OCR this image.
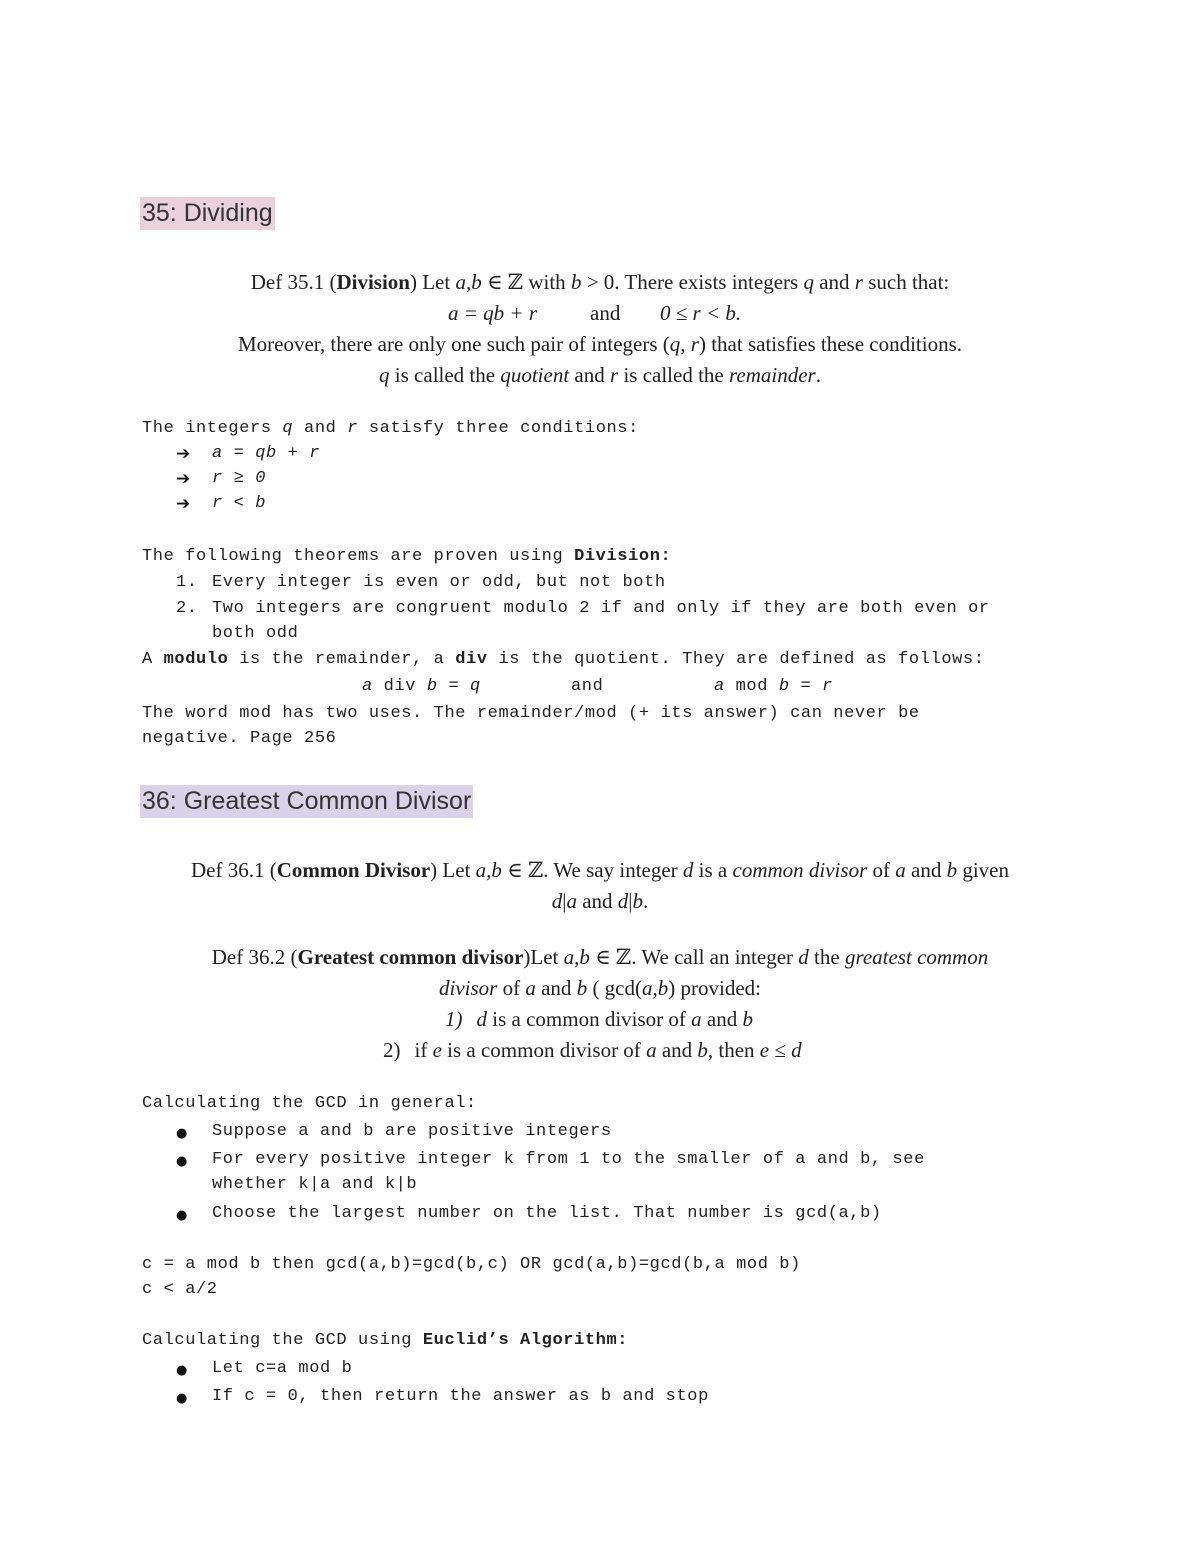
35: Dividing
Def 35.1 (Division) Let a,b ∈ ℤ with b > 0. There exists integers q and r such that:
a = qb + r	and 0 ≤ r < b.
Moreover, there are only one such pair of integers (q, r) that satisfies these conditions.
q is called the quotient and r is called the remainder.
The integers q and r satisfy three conditions:
➔ a = qb + r
➔ r ≥ 0
➔ r < b
The following theorems are proven using Division:
1. Every integer is even or odd, but not both
2. Two integers are congruent modulo 2 if and only if they are both even or
both odd
A modulo is the remainder, a div is the quotient. They are defined as follows:
a div b = q	and	a mod b = r
The word mod has two uses. The remainder/mod (+ its answer) can never be
negative. Page 256
36: Greatest Common Divisor
Def 36.1 (Common Divisor) Let a,b ∈ ℤ. We say integer d is a common divisor of a and b given
d|a and d|b.
Def 36.2 (Greatest common divisor)Let a,b ∈ ℤ. We call an integer d the greatest common
divisor of a and b ( gcd(a,b) provided:
1) d is a common divisor of a and b
2) if e is a common divisor of a and b, then e ≤ d
Calculating the GCD in general:
● Suppose a and b are positive integers
● For every positive integer k from 1 to the smaller of a and b, see
whether k|a and k|b
● Choose the largest number on the list. That number is gcd(a,b)
c = a mod b then gcd(a,b)=gcd(b,c) OR gcd(a,b)=gcd(b,a mod b)
c < a/2
Calculating the GCD using Euclid’s Algorithm:
● Let c=a mod b
● If c = 0, then return the answer as b and stop
